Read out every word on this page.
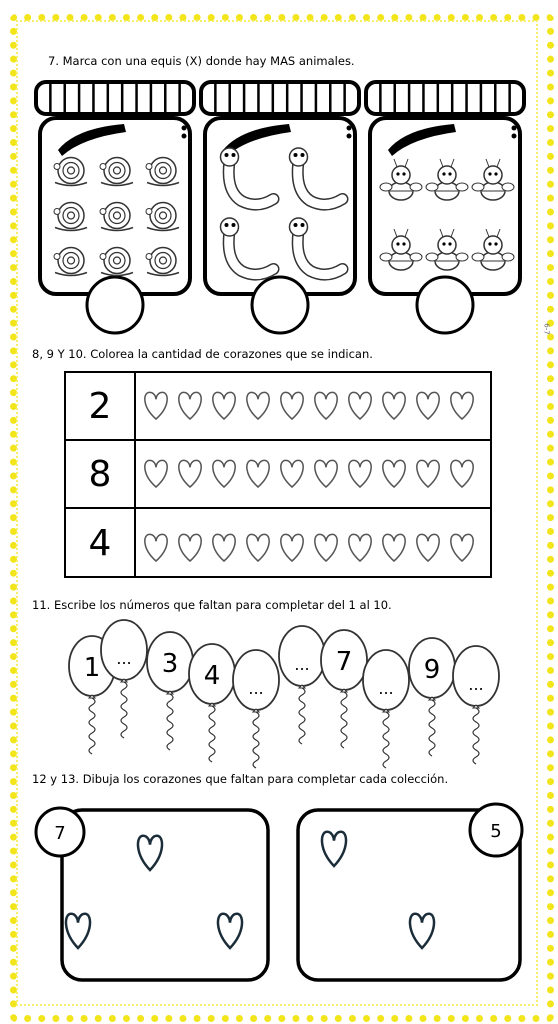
7. Marca con una equis (X) donde hay MAS animales.
8, 9 Y 10. Colorea la cantidad de corazones que se indican.
11. Escribe los números que faltan para completar del 1 al 10.
12 y 13. Dibuja los corazones que faltan para completar cada colección.
6-7
2
8
4
1 ... 3 4 ...
... 7
...
9 ...
7	5
